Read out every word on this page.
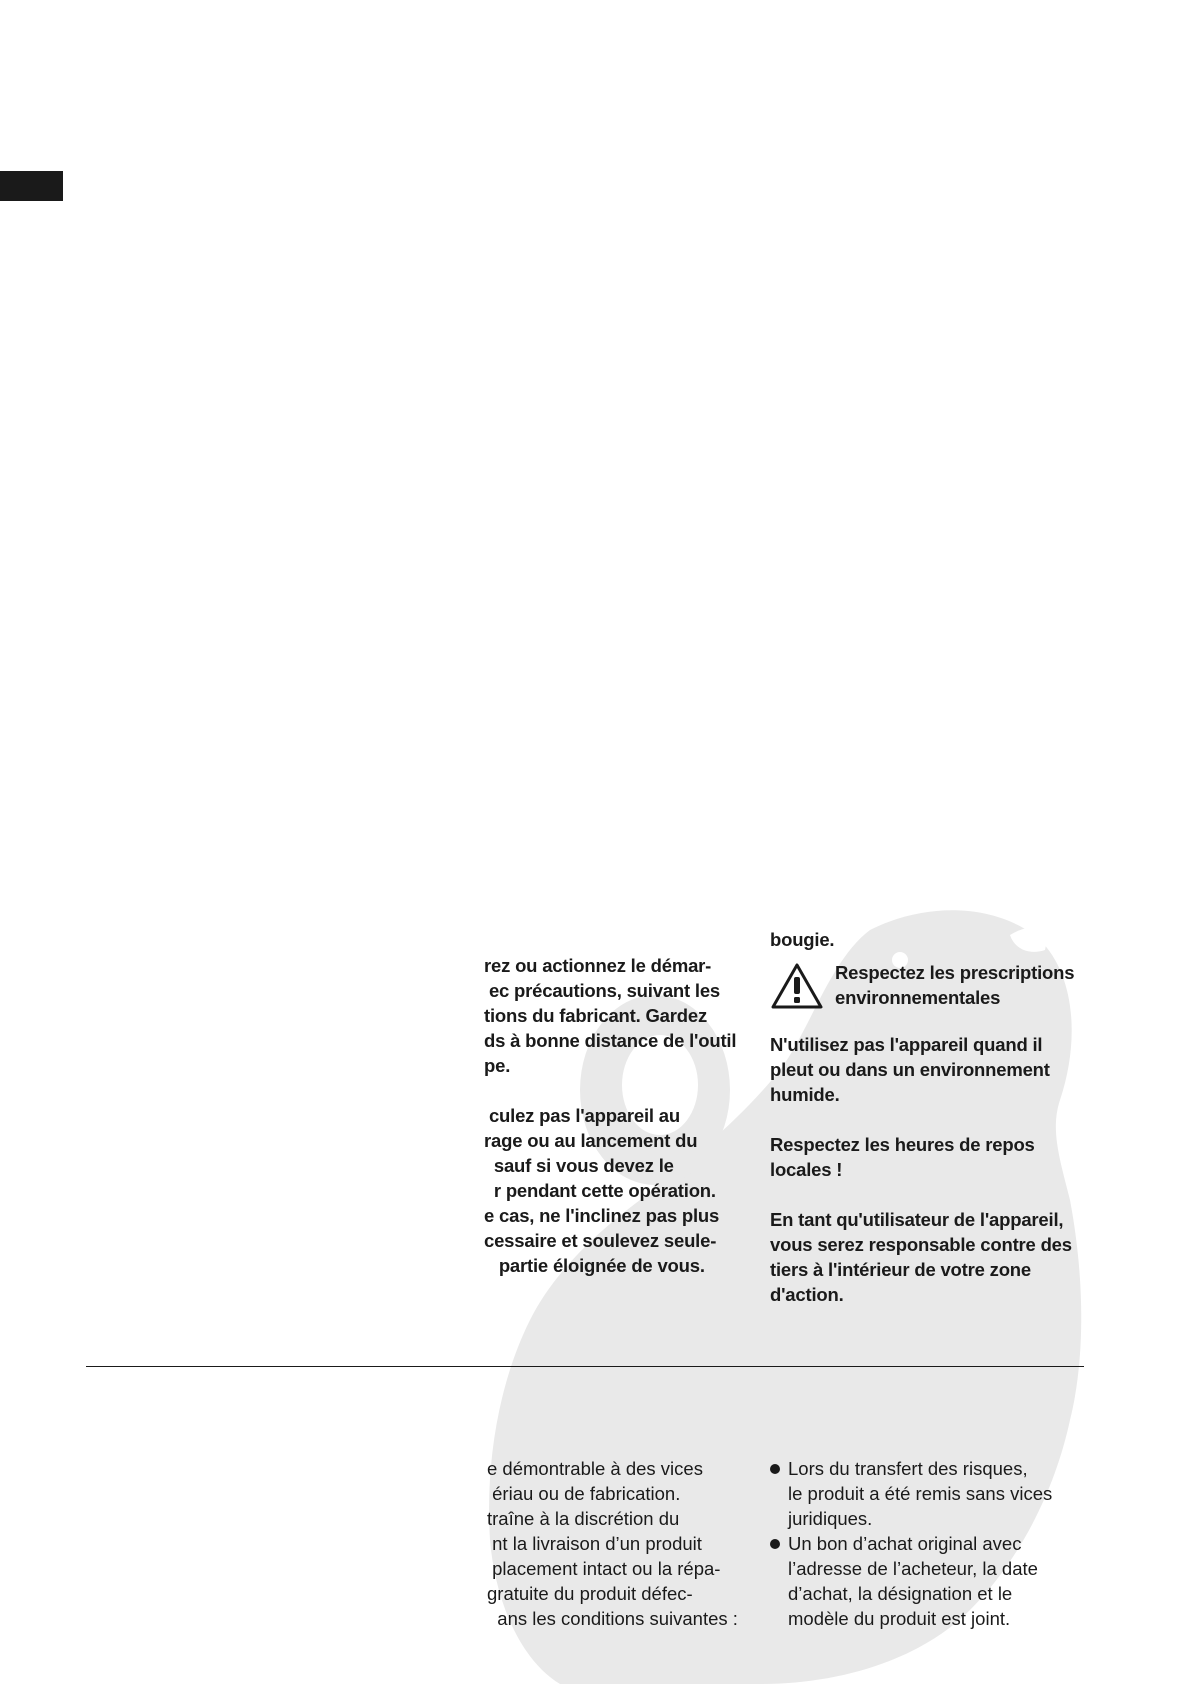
rez ou actionnez le démar-

ec précautions, suivant les

tions du fabricant. Gardez

ds à bonne distance de l'outil

pe.

culez pas l'appareil au

rage ou au lancement du

sauf si vous devez le

r pendant cette opération.

e cas, ne l'inclinez pas plus

cessaire et soulevez seule-

partie éloignée de vous.

bougie.

Respectez les prescriptions

environnementales

N'utilisez pas l'appareil quand il

pleut ou dans un environnement

humide.

Respectez les heures de repos

locales !

En tant qu'utilisateur de l'appareil,

vous serez responsable contre des

tiers à l'intérieur de votre zone

d'action.

e démontrable à des vices

ériau ou de fabrication.

traîne à la discrétion du

nt la livraison d’un produit

placement intact ou la répa-

gratuite du produit défec-

ans les conditions suivantes :

Lors du transfert des risques,

le produit a été remis sans vices

juridiques.

Un bon d’achat original avec

l’adresse de l’acheteur, la date

d’achat, la désignation et le

modèle du produit est joint.
